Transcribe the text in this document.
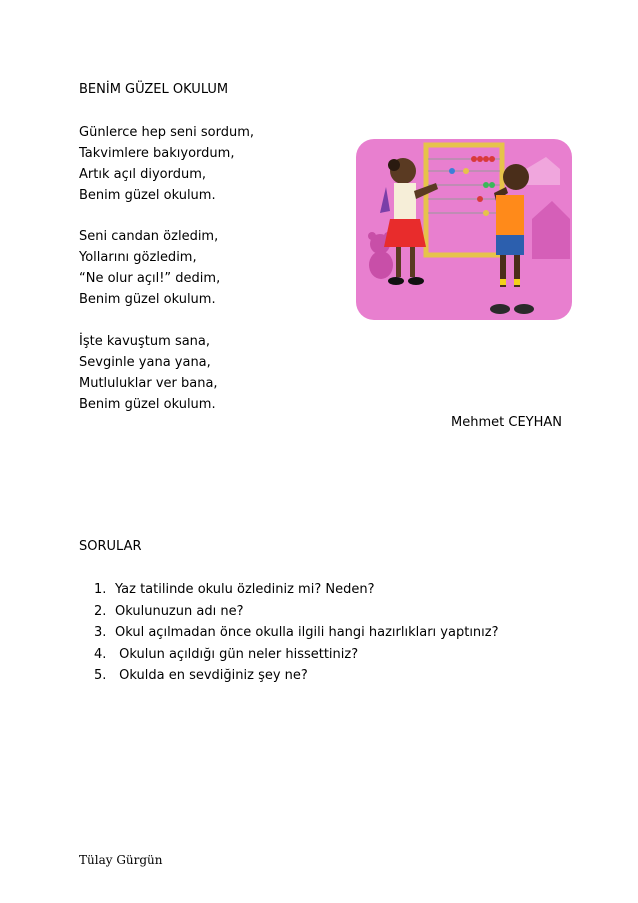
BENİM GÜZEL OKULUM
Günlerce hep seni sordum,
Takvimlere bakıyordum,
Artık açıl diyordum,
Benim güzel okulum.
Seni candan özledim,
Yollarını gözledim,
“Ne olur açıl!” dedim,
Benim güzel okulum.
İşte kavuştum sana,
Sevginle yana yana,
Mutluluklar ver bana,
Benim güzel okulum.
Mehmet CEYHAN
SORULAR
1. Yaz tatilinde okulu özlediniz mi? Neden?
2. Okulunuzun adı ne?
3. Okul açılmadan önce okulla ilgili hangi hazırlıkları yaptınız?
4. Okulun açıldığı gün neler hissettiniz?
5. Okulda en sevdiğiniz şey ne?
Tülay Gürgün
